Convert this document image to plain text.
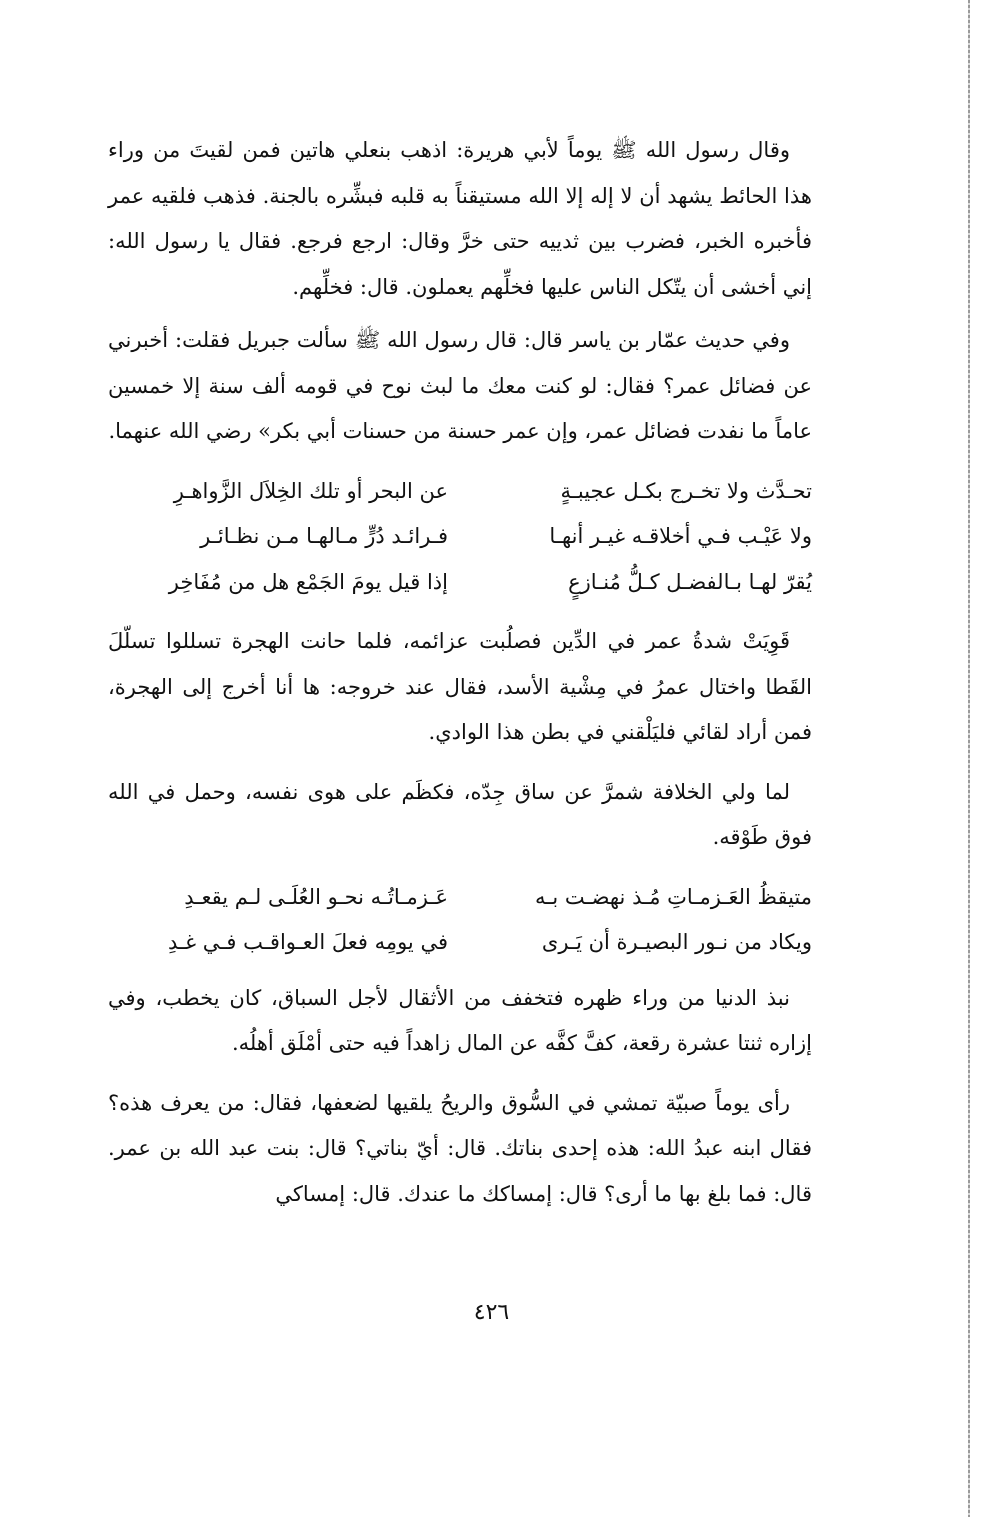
وقال رسول الله ﷺ يوماً لأبي هريرة: اذهب بنعلي هاتين فمن لقيتَ من وراء هذا الحائط يشهد أن لا إله إلا الله مستيقناً به قلبه فبشِّره بالجنة. فذهب فلقيه عمر فأخبره الخبر، فضرب بين ثدييه حتى خرَّ وقال: ارجع فرجع. فقال يا رسول الله: إني أخشى أن يتّكل الناس عليها فخلِّهم يعملون. قال: فخلِّهم.

وفي حديث عمّار بن ياسر قال: قال رسول الله ﷺ سألت جبريل فقلت: أخبرني عن فضائل عمر؟ فقال: لو كنت معك ما لبث نوح في قومه ألف سنة إلا خمسين عاماً ما نفدت فضائل عمر، وإن عمر حسنة من حسنات أبي بكر» رضي الله عنهما.

تحـدَّث ولا تخـرج بكـل عجيبـةٍ
عن البحر أو تلك الخِلاَل الزَّواهـرِ
ولا عَيْـب فـي أخلاقـه غيـر أنهـا
فـرائـد دُرٍّ مـالهـا مـن نظـائـر
يُقرّ لهـا بـالفضـل كـلُّ مُنـازعٍ
إذا قيل يومَ الجَمْع هل من مُفَاخِر

قَوِيَتْ شدةُ عمر في الدِّين فصلُبت عزائمه، فلما حانت الهجرة تسللوا تسلّلَ القَطا واختال عمرُ في مِشْية الأسد، فقال عند خروجه: ها أنا أخرج إلى الهجرة، فمن أراد لقائي فليَلْقني في بطن هذا الوادي.

لما ولي الخلافة شمرَّ عن ساق جِدّه، فكظَم على هوى نفسه، وحمل في الله فوق طَوْقه.

متيقظُ العَـزمـاتِ مُـذ نهضـت بـه
عَـزمـاتُـه نحـو العُلَـى لـم يقعـدِ
ويكاد من نـور البصيـرة أن يَـرى
في يومِه فعلَ العـواقـب فـي غـدِ

نبذ الدنيا من وراء ظهره فتخفف من الأثقال لأجل السباق، كان يخطب، وفي إزاره ثنتا عشرة رقعة، كفَّ كفَّه عن المال زاهداً فيه حتى أمْلَق أهلُه.

رأى يوماً صبيّة تمشي في السُّوق والريحُ يلقيها لضعفها، فقال: من يعرف هذه؟ فقال ابنه عبدُ الله: هذه إحدى بناتك. قال: أيّ بناتي؟ قال: بنت عبد الله بن عمر. قال: فما بلغ بها ما أرى؟ قال: إمساكك ما عندك. قال: إمساكي

٤٢٦
